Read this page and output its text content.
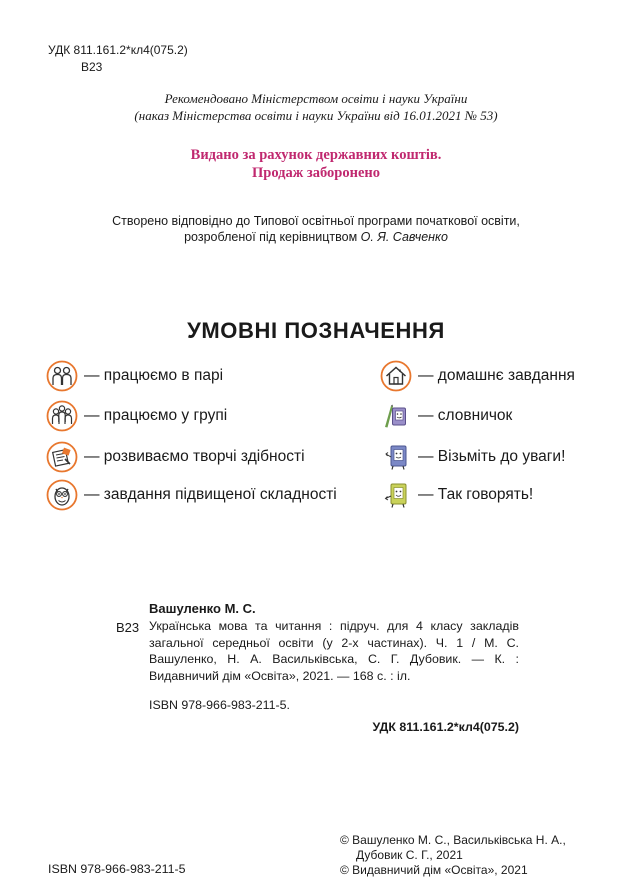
УДК 811.161.2*кл4(075.2)
В23
Рекомендовано Міністерством освіти і науки України
(наказ Міністерства освіти і науки України від 16.01.2021 № 53)
Видано за рахунок державних коштів.
Продаж заборонено
Створено відповідно до Типової освітньої програми початкової освіти,
розробленої під керівництвом О. Я. Савченко
УМОВНІ ПОЗНАЧЕННЯ
— працюємо в парі
— працюємо у групі
— розвиваємо творчі здібності
— завдання підвищеної складності
— домашнє завдання
— словничок
— Візьміть до уваги!
— Так говорять!
Вашуленко М. С.
В23 Українська мова та читання : підруч. для 4 класу закладів загальної середньої освіти (у 2-х частинах). Ч. 1 / М. С. Вашуленко, Н. А. Васильківська, С. Г. Дубовик. — К. : Видавничий дім «Освіта», 2021. — 168 с. : іл.
ISBN 978-966-983-211-5.
УДК 811.161.2*кл4(075.2)
ISBN 978-966-983-211-5
© Вашуленко М. С., Васильківська Н. А.,
Дубовик С. Г., 2021
© Видавничий дім «Освіта», 2021
